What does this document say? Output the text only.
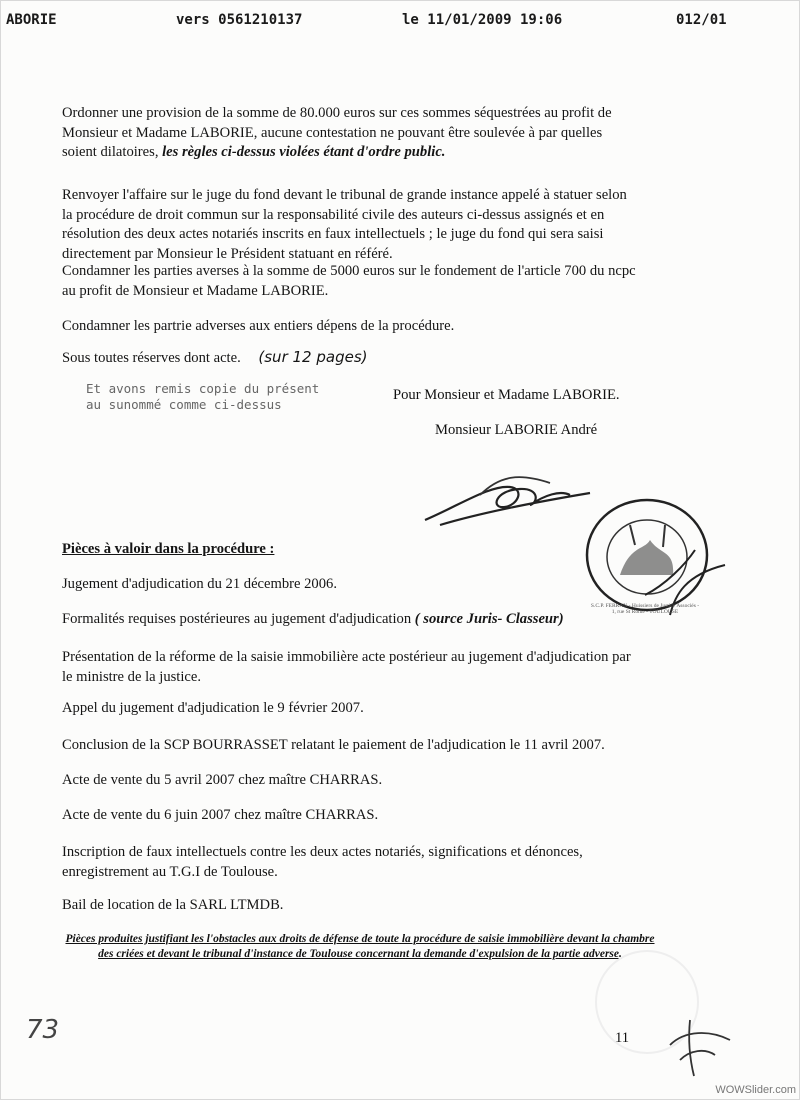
ABORIE	vers 0561210137	le 11/01/2009 19:06	012/01
Ordonner une provision de la somme de 80.000 euros sur ces sommes séquestrées au profit de Monsieur et Madame LABORIE, aucune contestation ne pouvant être soulevée à par quelles soient dilatoires, les règles ci-dessus violées étant d'ordre public.
Renvoyer l'affaire sur le juge du fond devant le tribunal de grande instance appelé à statuer selon la procédure de droit commun sur la responsabilité civile des auteurs ci-dessus assignés et en résolution des deux actes notariés inscrits en faux intellectuels ; le juge du fond qui sera saisi directement par Monsieur le Président statuant en référé.
Condamner les parties averses à la somme de 5000 euros sur le fondement de l'article 700 du ncpc au profit de Monsieur et Madame LABORIE.
Condamner les partrie adverses aux entiers dépens de la procédure.
Sous toutes réserves dont acte. (sur 12 pages)
Et avons remis copie du présent
au sunommé comme ci-dessus
Pour Monsieur et Madame LABORIE.
Monsieur LABORIE André
S.C.P. FERRAN - Huissiers de Justice Associés - 1, rue St Rome - TOULOUSE
Pièces à valoir dans la procédure :
Jugement d'adjudication du 21 décembre 2006.
Formalités requises postérieures au jugement d'adjudication ( source Juris- Classeur)
Présentation de la réforme de la saisie immobilière acte postérieur au jugement d'adjudication par le ministre de la justice.
Appel du jugement d'adjudication le 9 février 2007.
Conclusion de la SCP BOURRASSET relatant le paiement de l'adjudication le 11 avril 2007.
Acte de vente du 5 avril 2007 chez maître CHARRAS.
Acte de vente du 6 juin 2007 chez maître CHARRAS.
Inscription de faux intellectuels contre les deux actes notariés, significations et dénonces, enregistrement au T.G.I de Toulouse.
Bail de location de la SARL LTMDB.
Pièces produites justifiant les l'obstacles aux droits de défense de toute la procédure de saisie immobilière devant la chambre des criées et devant le tribunal d'instance de Toulouse concernant la demande d'expulsion de la partie adverse.
73	11
WOWSlider.com
